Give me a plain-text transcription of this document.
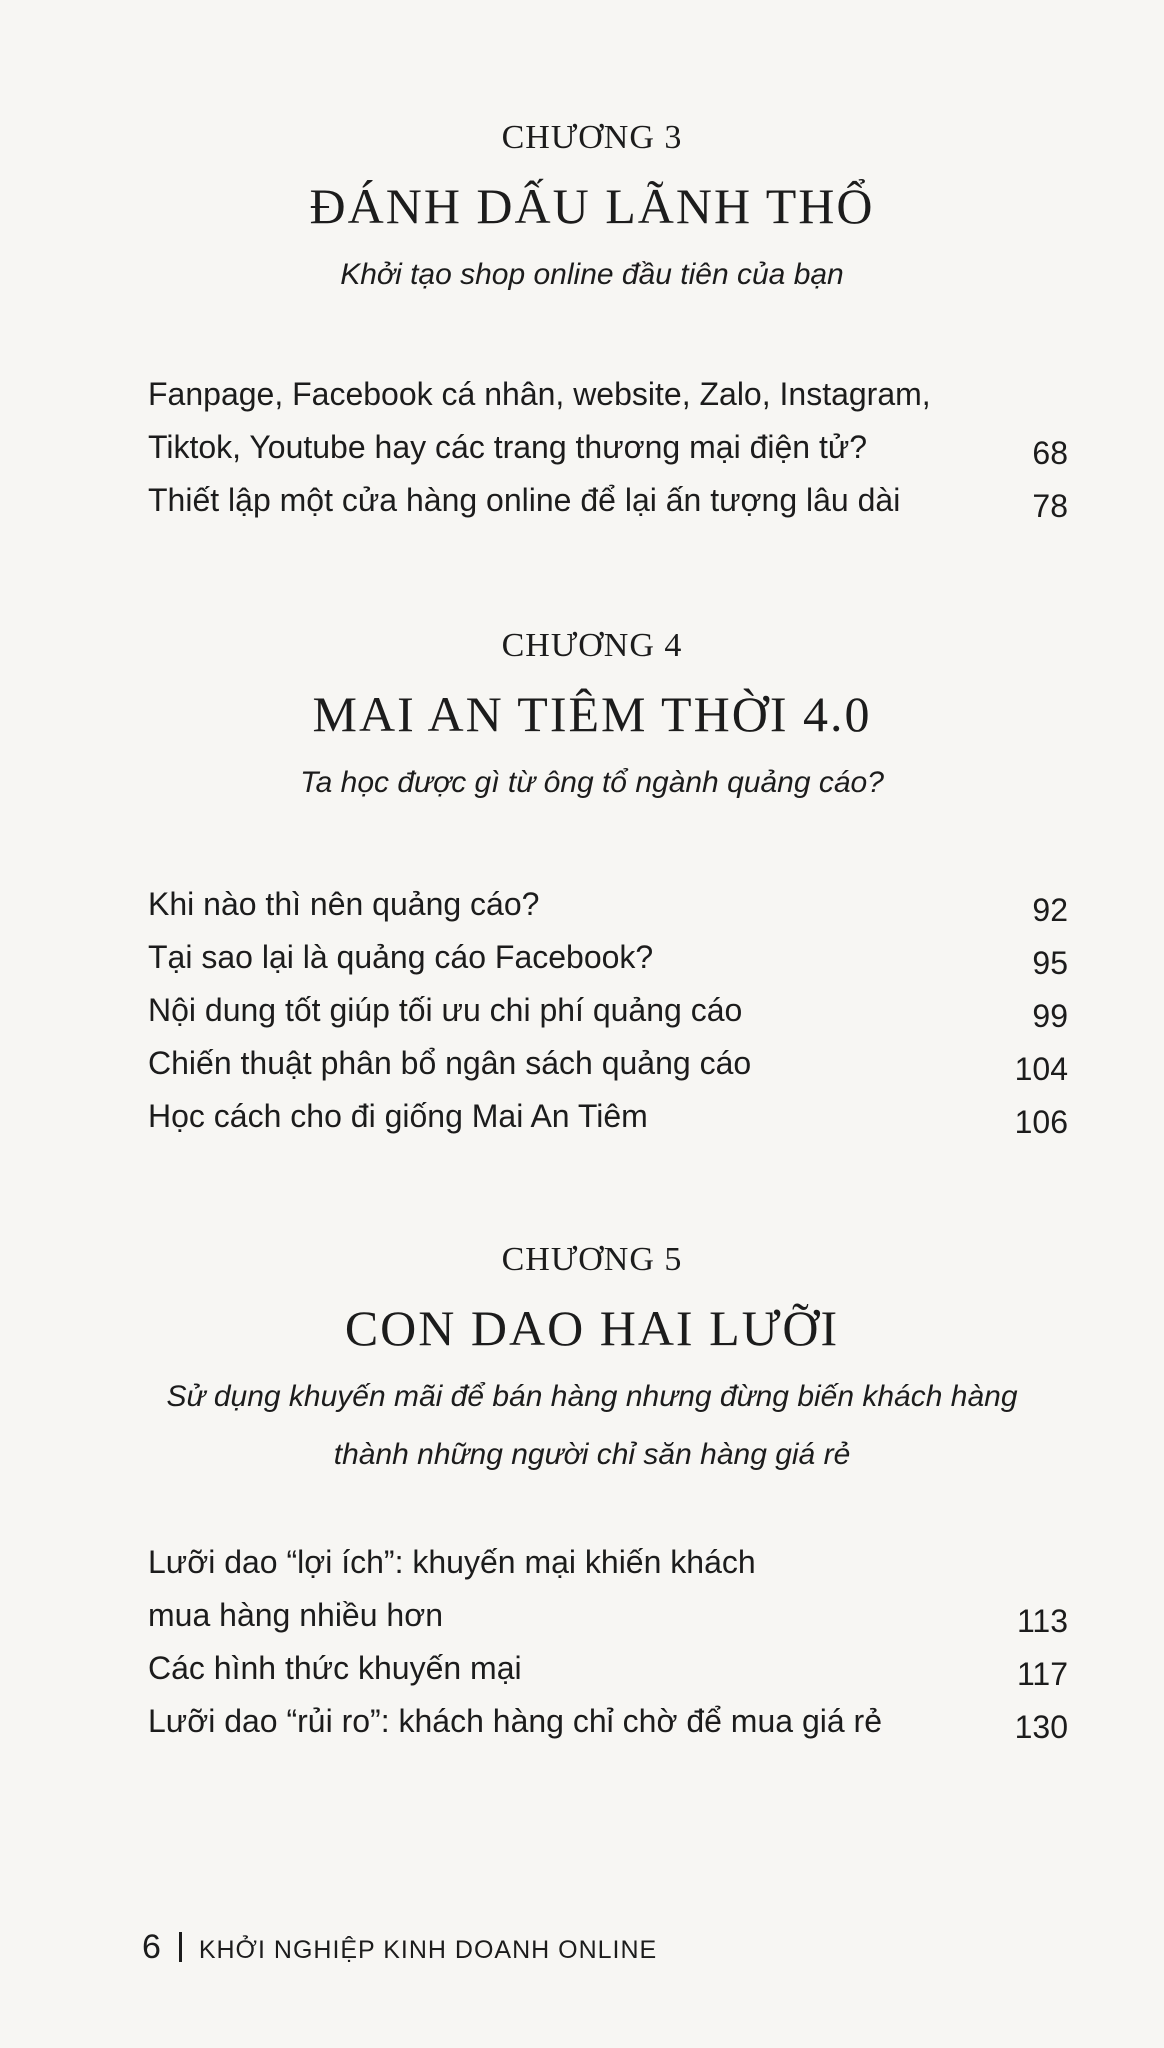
CHƯƠNG 3
ĐÁNH DẤU LÃNH THỔ
Khởi tạo shop online đầu tiên của bạn
Fanpage, Facebook cá nhân, website, Zalo, Instagram,
Tiktok, Youtube hay các trang thương mại điện tử?	68
Thiết lập một cửa hàng online để lại ấn tượng lâu dài	78
CHƯƠNG 4
MAI AN TIÊM THỜI 4.0
Ta học được gì từ ông tổ ngành quảng cáo?
Khi nào thì nên quảng cáo?	92
Tại sao lại là quảng cáo Facebook?	95
Nội dung tốt giúp tối ưu chi phí quảng cáo	99
Chiến thuật phân bổ ngân sách quảng cáo	104
Học cách cho đi giống Mai An Tiêm	106
CHƯƠNG 5
CON DAO HAI LƯỠI
Sử dụng khuyến mãi để bán hàng nhưng đừng biến khách hàng
thành những người chỉ săn hàng giá rẻ
Lưỡi dao “lợi ích”: khuyến mại khiến khách
mua hàng nhiều hơn	113
Các hình thức khuyến mại	117
Lưỡi dao “rủi ro”: khách hàng chỉ chờ để mua giá rẻ	130
6 KHỞI NGHIỆP KINH DOANH ONLINE
